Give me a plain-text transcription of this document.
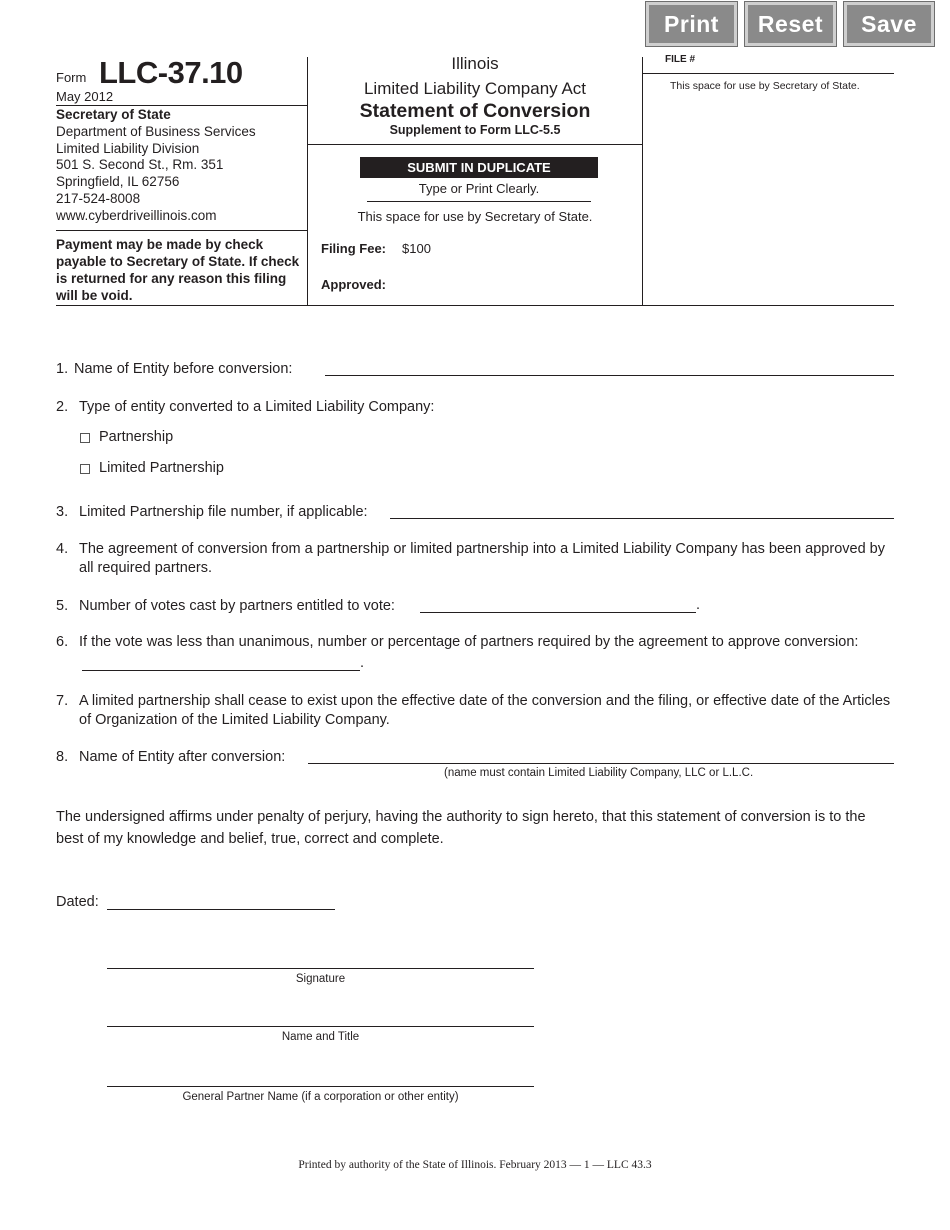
Print	Reset	Save
Form LLC-37.10
May 2012
Secretary of State
Department of Business Services
Limited Liability Division
501 S. Second St., Rm. 351
Springfield, IL 62756
217-524-8008
www.cyberdriveillinois.com
Payment may be made by check payable to Secretary of State. If check is returned for any reason this filing will be void.
Illinois
Limited Liability Company Act
Statement of Conversion
Supplement to Form LLC-5.5
SUBMIT IN DUPLICATE
Type or Print Clearly.
This space for use by Secretary of State.
Filing Fee: $100
Approved:
FILE #
This space for use by Secretary of State.
1. Name of Entity before conversion:
2. Type of entity converted to a Limited Liability Company:
Partnership
Limited Partnership
3. Limited Partnership file number, if applicable:
4. The agreement of conversion from a partnership or limited partnership into a Limited Liability Company has been approved by all required partners.
5. Number of votes cast by partners entitled to vote:	.
6. If the vote was less than unanimous, number or percentage of partners required by the agreement to approve conversion:
.
7. A limited partnership shall cease to exist upon the effective date of the conversion and the filing, or effective date of the Articles of Organization of the Limited Liability Company.
8. Name of Entity after conversion:
(name must contain Limited Liability Company, LLC or L.L.C.
The undersigned affirms under penalty of perjury, having the authority to sign hereto, that this statement of conversion is to the best of my knowledge and belief, true, correct and complete.
Dated:
Signature
Name and Title
General Partner Name (if a corporation or other entity)
Printed by authority of the State of Illinois. February 2013 — 1 — LLC 43.3
